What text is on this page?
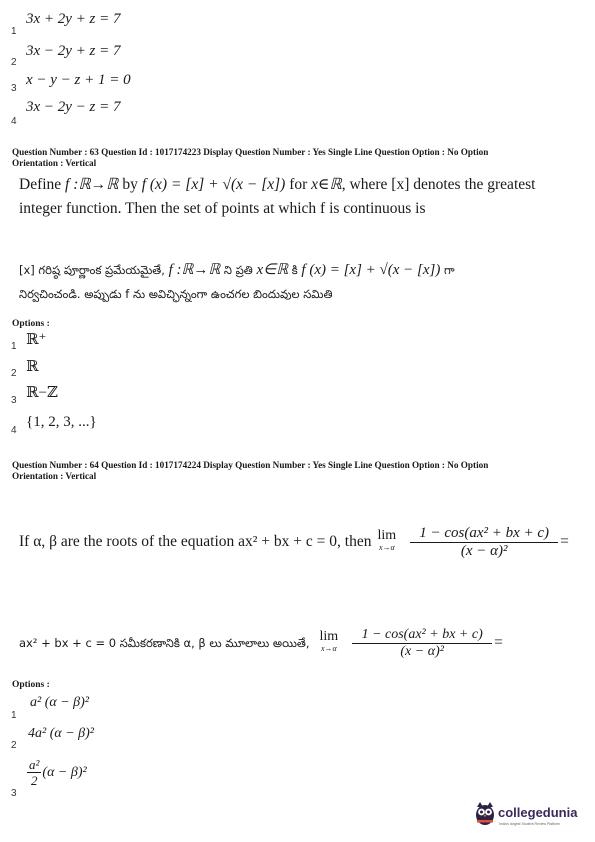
1
3x + 2y + z = 7
2
3x − 2y + z = 7
3
x − y − z + 1 = 0
4
3x − 2y − z = 7
Question Number : 63 Question Id : 1017174223 Display Question Number : Yes Single Line Question Option : No Option
Orientation : Vertical
Define f :ℝ→ℝ by f (x) = [x] + √(x − [x]) for x∈ℝ, where [x] denotes the greatest
integer function. Then the set of points at which f is continuous is
[x] గరిష్ఠ పూర్ణాంక ప్రమేయమైతే, f :ℝ→ℝ ని ప్రతి x∈ℝ కి f (x) = [x] + √(x − [x]) గా
నిర్వచించండి. అప్పుడు f ను అవిచ్ఛిన్నంగా ఉంచగల బిందువుల సమితి
Options :
1 ℝ⁺
2 ℝ
3 ℝ−ℤ
4
{1, 2, 3, ...}
Question Number : 64 Question Id : 1017174224 Display Question Number : Yes Single Line Question Option : No Option
Orientation : Vertical
If α, β are the roots of the equation ax² + bx + c = 0, then lim
$x\to\alpha \frac{\text{1 − cos(ax² + bx + c)}}{\text{(x − α)²}}$ =
ax² + bx + c = 0 సమీకరణానికి α, β లు మూలాలు అయితే, lim
$x\to\alpha \frac{\text{1 − cos(ax² + bx + c)}}{\text{(x − α)²}}$ =
Options :
1
a² (α − β)²
2
4a² (α − β)²
3
$\frac{\text{a²}}{2} (\alpha - \beta)^2$
collegedunia
India's largest Student Review Platform
